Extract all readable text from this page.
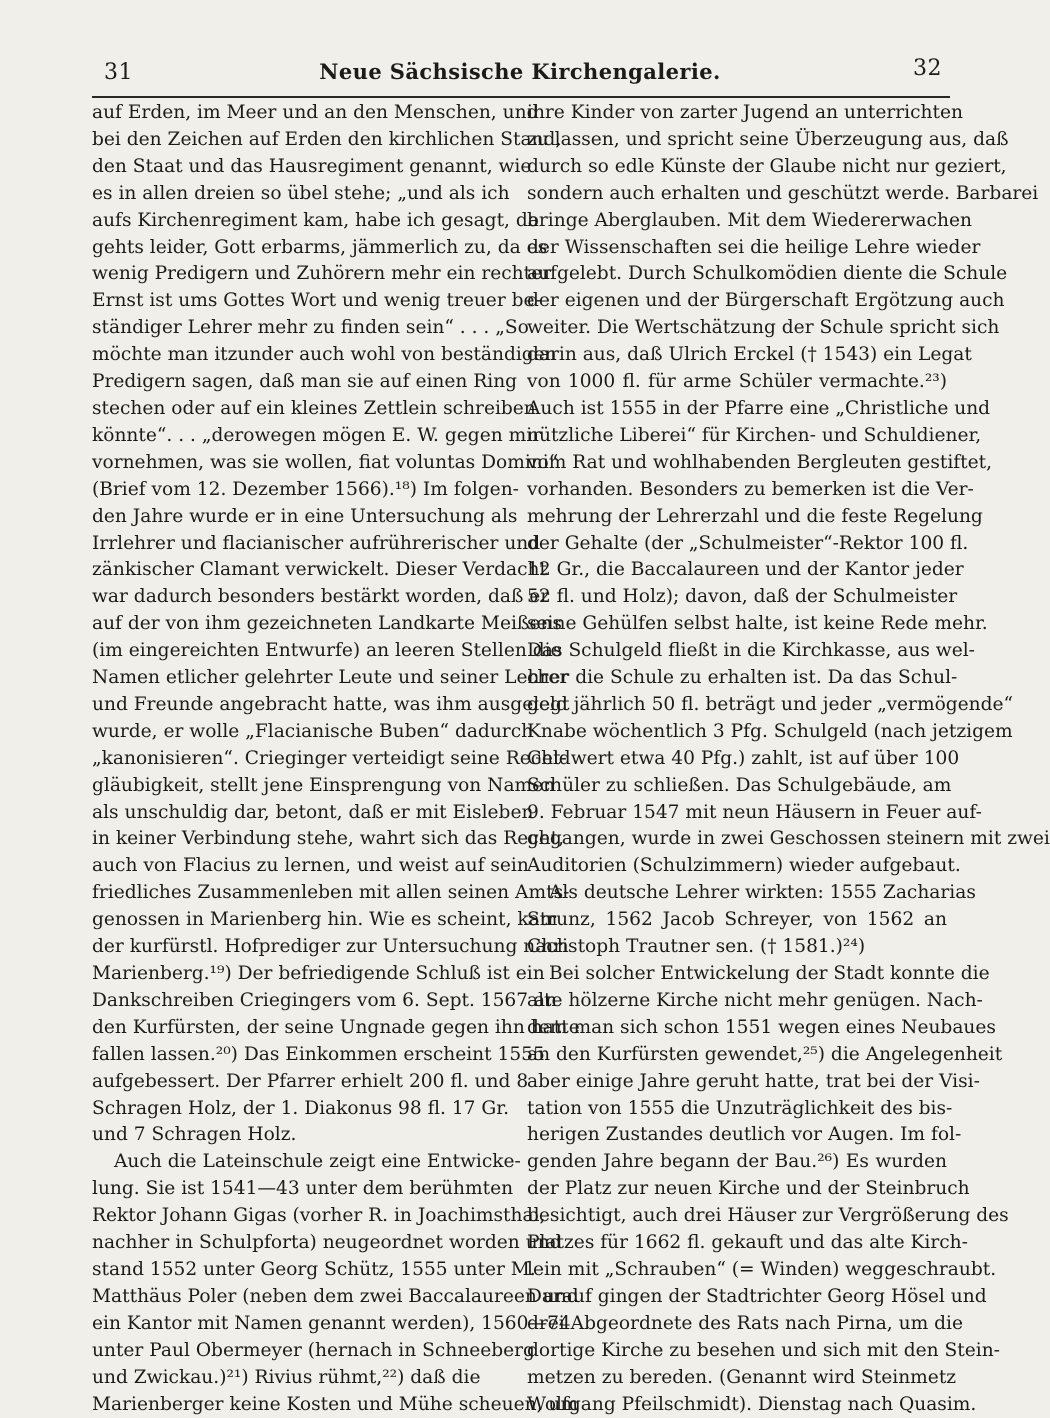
31	Neue Sächsische Kirchengalerie.	32
auf Erden, im Meer und an den Menschen, und
bei den Zeichen auf Erden den kirchlichen Stand,
den Staat und das Hausregiment genannt, wie
es in allen dreien so übel stehe; „und als ich
aufs Kirchenregiment kam, habe ich gesagt, da
gehts leider, Gott erbarms, jämmerlich zu, da es
wenig Predigern und Zuhörern mehr ein rechter
Ernst ist ums Gottes Wort und wenig treuer be-
ständiger Lehrer mehr zu finden sein“ . . . „So
möchte man itzunder auch wohl von beständigen
Predigern sagen, daß man sie auf einen Ring
stechen oder auf ein kleines Zettlein schreiben
könnte“. . . „derowegen mögen E. W. gegen mir
vornehmen, was sie wollen, fiat voluntas Domini“
(Brief vom 12. Dezember 1566).¹⁸) Im folgen-
den Jahre wurde er in eine Untersuchung als
Irrlehrer und flacianischer aufrührerischer und
zänkischer Clamant verwickelt. Dieser Verdacht
war dadurch besonders bestärkt worden, daß er
auf der von ihm gezeichneten Landkarte Meißens
(im eingereichten Entwurfe) an leeren Stellen die
Namen etlicher gelehrter Leute und seiner Lehrer
und Freunde angebracht hatte, was ihm ausgelegt
wurde, er wolle „Flacianische Buben“ dadurch
„kanonisieren“. Crieginger verteidigt seine Recht-
gläubigkeit, stellt jene Einsprengung von Namen
als unschuldig dar, betont, daß er mit Eisleben
in keiner Verbindung stehe, wahrt sich das Recht,
auch von Flacius zu lernen, und weist auf sein
friedliches Zusammenleben mit allen seinen Amts-
genossen in Marienberg hin. Wie es scheint, kam
der kurfürstl. Hofprediger zur Untersuchung nach
Marienberg.¹⁹) Der befriedigende Schluß ist ein
Dankschreiben Criegingers vom 6. Sept. 1567 an
den Kurfürsten, der seine Ungnade gegen ihn hatte
fallen lassen.²⁰) Das Einkommen erscheint 1555
aufgebessert. Der Pfarrer erhielt 200 fl. und 8
Schragen Holz, der 1. Diakonus 98 fl. 17 Gr.
und 7 Schragen Holz.
Auch die Lateinschule zeigt eine Entwicke-
lung. Sie ist 1541—43 unter dem berühmten
Rektor Johann Gigas (vorher R. in Joachimsthal,
nachher in Schulpforta) neugeordnet worden und
stand 1552 unter Georg Schütz, 1555 unter M.
Matthäus Poler (neben dem zwei Baccalaureen und
ein Kantor mit Namen genannt werden), 1560—74
unter Paul Obermeyer (hernach in Schneeberg
und Zwickau.)²¹) Rivius rühmt,²²) daß die
Marienberger keine Kosten und Mühe scheuen, um
ihre Kinder von zarter Jugend an unterrichten
zu lassen, und spricht seine Überzeugung aus, daß
durch so edle Künste der Glaube nicht nur geziert,
sondern auch erhalten und geschützt werde. Barbarei
bringe Aberglauben. Mit dem Wiedererwachen
der Wissenschaften sei die heilige Lehre wieder
aufgelebt. Durch Schulkomödien diente die Schule
der eigenen und der Bürgerschaft Ergötzung auch
weiter. Die Wertschätzung der Schule spricht sich
darin aus, daß Ulrich Erckel († 1543) ein Legat
von 1000 fl. für arme Schüler vermachte.²³)
Auch ist 1555 in der Pfarre eine „Christliche und
nützliche Liberei“ für Kirchen- und Schuldiener,
vom Rat und wohlhabenden Bergleuten gestiftet,
vorhanden. Besonders zu bemerken ist die Ver-
mehrung der Lehrerzahl und die feste Regelung
der Gehalte (der „Schulmeister“-Rektor 100 fl.
12 Gr., die Baccalaureen und der Kantor jeder
52 fl. und Holz); davon, daß der Schulmeister
seine Gehülfen selbst halte, ist keine Rede mehr.
Das Schulgeld fließt in die Kirchkasse, aus wel-
cher die Schule zu erhalten ist. Da das Schul-
geld jährlich 50 fl. beträgt und jeder „vermögende“
Knabe wöchentlich 3 Pfg. Schulgeld (nach jetzigem
Geldwert etwa 40 Pfg.) zahlt, ist auf über 100
Schüler zu schließen. Das Schulgebäude, am
9. Februar 1547 mit neun Häusern in Feuer auf-
gegangen, wurde in zwei Geschossen steinern mit zwei
Auditorien (Schulzimmern) wieder aufgebaut.
Als deutsche Lehrer wirkten: 1555 Zacharias
Strunz, 1562 Jacob Schreyer, von 1562 an
Christoph Trautner sen. († 1581.)²⁴)
Bei solcher Entwickelung der Stadt konnte die
alte hölzerne Kirche nicht mehr genügen. Nach-
dem man sich schon 1551 wegen eines Neubaues
an den Kurfürsten gewendet,²⁵) die Angelegenheit
aber einige Jahre geruht hatte, trat bei der Visi-
tation von 1555 die Unzuträglichkeit des bis-
herigen Zustandes deutlich vor Augen. Im fol-
genden Jahre begann der Bau.²⁶) Es wurden
der Platz zur neuen Kirche und der Steinbruch
besichtigt, auch drei Häuser zur Vergrößerung des
Platzes für 1662 fl. gekauft und das alte Kirch-
lein mit „Schrauben“ (= Winden) weggeschraubt.
Darauf gingen der Stadtrichter Georg Hösel und
drei Abgeordnete des Rats nach Pirna, um die
dortige Kirche zu besehen und sich mit den Stein-
metzen zu bereden. (Genannt wird Steinmetz
Wolfgang Pfeilschmidt). Dienstag nach Quasim.
